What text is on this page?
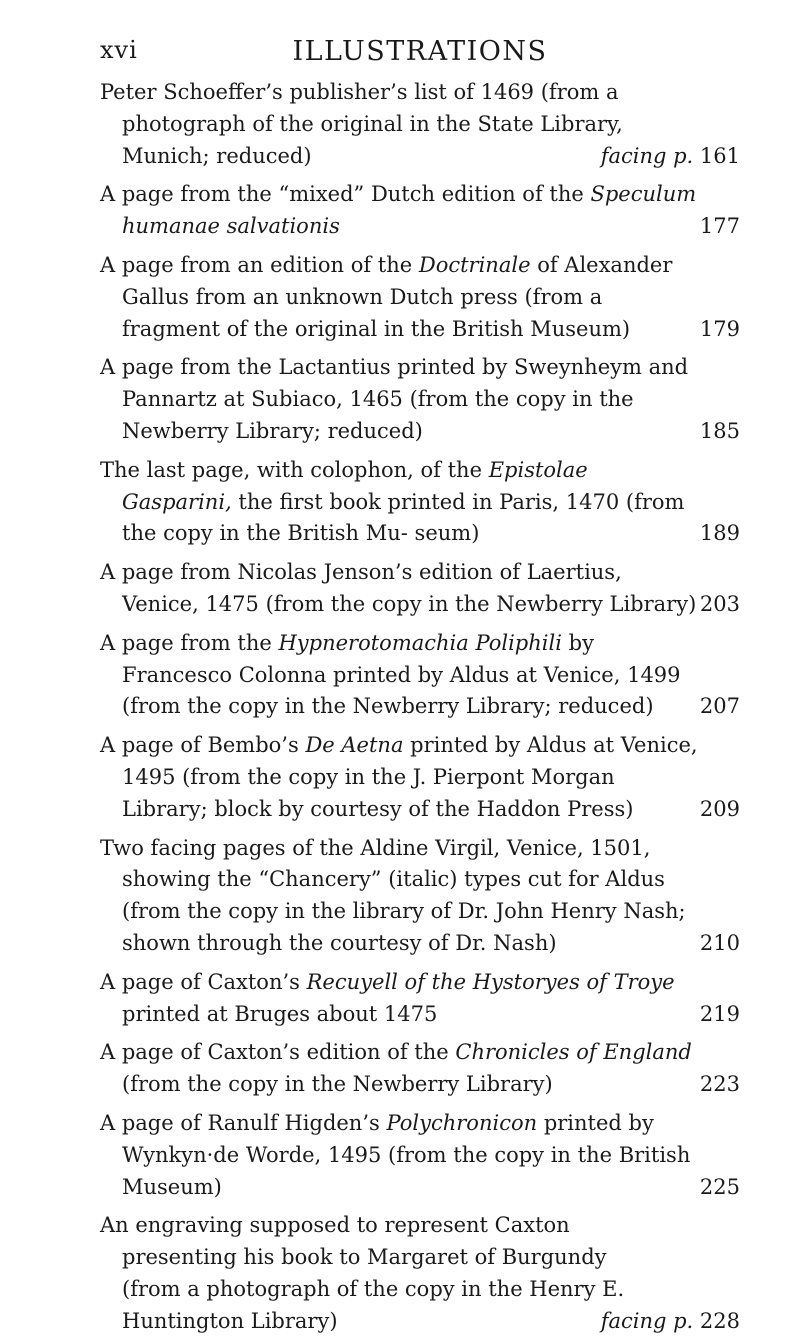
xvi	ILLUSTRATIONS
Peter Schoeffer’s publisher’s list of 1469 (from a photograph of the original in the State Library, Munich; reduced)	facing p. 161
A page from the “mixed” Dutch edition of the Speculum humanae salvationis	177
A page from an edition of the Doctrinale of Alexander Gallus from an unknown Dutch press (from a fragment of the original in the British Museum)	179
A page from the Lactantius printed by Sweynheym and Pannartz at Subiaco, 1465 (from the copy in the Newberry Library; reduced)	185
The last page, with colophon, of the Epistolae Gasparini, the first book printed in Paris, 1470 (from the copy in the British Mu- seum)	189
A page from Nicolas Jenson’s edition of Laertius, Venice, 1475 (from the copy in the Newberry Library) 203
A page from the Hypnerotomachia Poliphili by Francesco Colonna printed by Aldus at Venice, 1499 (from the copy in the Newberry Library; reduced) 207
A page of Bembo’s De Aetna printed by Aldus at Venice, 1495 (from the copy in the J. Pierpont Morgan Library; block by courtesy of the Haddon Press)	209
Two facing pages of the Aldine Virgil, Venice, 1501, showing the “Chancery” (italic) types cut for Aldus (from the copy in the library of Dr. John Henry Nash; shown through the courtesy of Dr. Nash)	210
A page of Caxton’s Recuyell of the Hystoryes of Troye printed at Bruges about 1475	219
A page of Caxton’s edition of the Chronicles of England (from the copy in the Newberry Library)	223
A page of Ranulf Higden’s Polychronicon printed by Wynkyn·de Worde, 1495 (from the copy in the British Museum)	225
An engraving supposed to represent Caxton presenting his book to Margaret of Burgundy (from a photograph of the copy in the Henry E. Huntington Library)	facing p. 228
